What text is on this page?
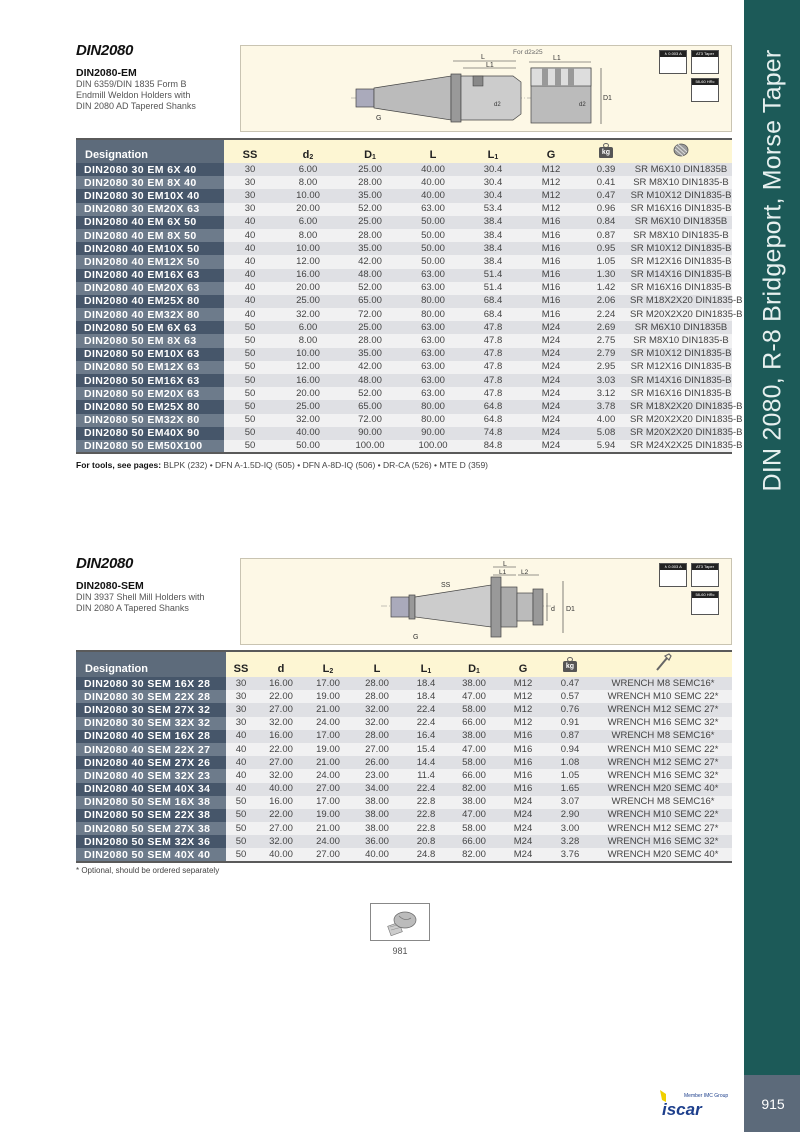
DIN 2080, R-8 Bridgeport, Morse Taper
915
DIN2080
DIN2080-EM
DIN 6359/DIN 1835 Form B
Endmill Weldon Holders with
DIN 2080 AD Tapered Shanks
L
L1
d2
G
For d2≥25
L1
D1
d2
∧ 0.003 A	AT3 Taper
58-60 HRc
Designation	SS	$d_2$	$D_1$	L	$L_1$	G	kg

DIN2080 30 EM 6X 40	30	6.00	25.00	40.00	30.4	M12	0.39	SR M6X10 DIN1835B
DIN2080 30 EM 8X 40	30	8.00	28.00	40.00	30.4	M12	0.41	SR M8X10 DIN1835-B
DIN2080 30 EM10X 40	30	10.00	35.00	40.00	30.4	M12	0.47	SR M10X12 DIN1835-B
DIN2080 30 EM20X 63	30	20.00	52.00	63.00	53.4	M12	0.96	SR M16X16 DIN1835-B
DIN2080 40 EM 6X 50	40	6.00	25.00	50.00	38.4	M16	0.84	SR M6X10 DIN1835B
DIN2080 40 EM 8X 50	40	8.00	28.00	50.00	38.4	M16	0.87	SR M8X10 DIN1835-B
DIN2080 40 EM10X 50	40	10.00	35.00	50.00	38.4	M16	0.95	SR M10X12 DIN1835-B
DIN2080 40 EM12X 50	40	12.00	42.00	50.00	38.4	M16	1.05	SR M12X16 DIN1835-B
DIN2080 40 EM16X 63	40	16.00	48.00	63.00	51.4	M16	1.30	SR M14X16 DIN1835-B
DIN2080 40 EM20X 63	40	20.00	52.00	63.00	51.4	M16	1.42	SR M16X16 DIN1835-B
DIN2080 40 EM25X 80	40	25.00	65.00	80.00	68.4	M16	2.06	SR M18X2X20 DIN1835-B
DIN2080 40 EM32X 80	40	32.00	72.00	80.00	68.4	M16	2.24	SR M20X2X20 DIN1835-B
DIN2080 50 EM 6X 63	50	6.00	25.00	63.00	47.8	M24	2.69	SR M6X10 DIN1835B
DIN2080 50 EM 8X 63	50	8.00	28.00	63.00	47.8	M24	2.75	SR M8X10 DIN1835-B
DIN2080 50 EM10X 63	50	10.00	35.00	63.00	47.8	M24	2.79	SR M10X12 DIN1835-B
DIN2080 50 EM12X 63	50	12.00	42.00	63.00	47.8	M24	2.95	SR M12X16 DIN1835-B
DIN2080 50 EM16X 63	50	16.00	48.00	63.00	47.8	M24	3.03	SR M14X16 DIN1835-B
DIN2080 50 EM20X 63	50	20.00	52.00	63.00	47.8	M24	3.12	SR M16X16 DIN1835-B
DIN2080 50 EM25X 80	50	25.00	65.00	80.00	64.8	M24	3.78	SR M18X2X20 DIN1835-B
DIN2080 50 EM32X 80	50	32.00	72.00	80.00	64.8	M24	4.00	SR M20X2X20 DIN1835-B
DIN2080 50 EM40X 90	50	40.00	90.00	90.00	74.8	M24	5.08	SR M20X2X20 DIN1835-B
DIN2080 50 EM50X100	50	50.00	100.00	100.00	84.8	M24	5.94	SR M24X2X25 DIN1835-B
For tools, see pages: BLPK (232) • DFN A-1.5D-IQ (505) • DFN A-8D-IQ (506) • DR-CA (526) • MTE D (359)
DIN2080
DIN2080-SEM
DIN 3937 Shell Mill Holders with
DIN 2080 A Tapered Shanks
L
L1 L2
SS
d D1
G
∧ 0.003 A	AT3 Taper
58-60 HRc
Designation	SS	d	$L_2$	L	$L_1$	$D_1$	G	kg

DIN2080 30 SEM 16X 28	30	16.00	17.00	28.00	18.4	38.00	M12	0.47	WRENCH M8 SEMC16*
DIN2080 30 SEM 22X 28	30	22.00	19.00	28.00	18.4	47.00	M12	0.57	WRENCH M10 SEMC 22*
DIN2080 30 SEM 27X 32	30	27.00	21.00	32.00	22.4	58.00	M12	0.76	WRENCH M12 SEMC 27*
DIN2080 30 SEM 32X 32	30	32.00	24.00	32.00	22.4	66.00	M12	0.91	WRENCH M16 SEMC 32*
DIN2080 40 SEM 16X 28	40	16.00	17.00	28.00	16.4	38.00	M16	0.87	WRENCH M8 SEMC16*
DIN2080 40 SEM 22X 27	40	22.00	19.00	27.00	15.4	47.00	M16	0.94	WRENCH M10 SEMC 22*
DIN2080 40 SEM 27X 26	40	27.00	21.00	26.00	14.4	58.00	M16	1.08	WRENCH M12 SEMC 27*
DIN2080 40 SEM 32X 23	40	32.00	24.00	23.00	11.4	66.00	M16	1.05	WRENCH M16 SEMC 32*
DIN2080 40 SEM 40X 34	40	40.00	27.00	34.00	22.4	82.00	M16	1.65	WRENCH M20 SEMC 40*
DIN2080 50 SEM 16X 38	50	16.00	17.00	38.00	22.8	38.00	M24	3.07	WRENCH M8 SEMC16*
DIN2080 50 SEM 22X 38	50	22.00	19.00	38.00	22.8	47.00	M24	2.90	WRENCH M10 SEMC 22*
DIN2080 50 SEM 27X 38	50	27.00	21.00	38.00	22.8	58.00	M24	3.00	WRENCH M12 SEMC 27*
DIN2080 50 SEM 32X 36	50	32.00	24.00	36.00	20.8	66.00	M24	3.28	WRENCH M16 SEMC 32*
DIN2080 50 SEM 40X 40	50	40.00	27.00	40.00	24.8	82.00	M24	3.76	WRENCH M20 SEMC 40*
* Optional, should be ordered separately
981
Member IMC Group
iscar
